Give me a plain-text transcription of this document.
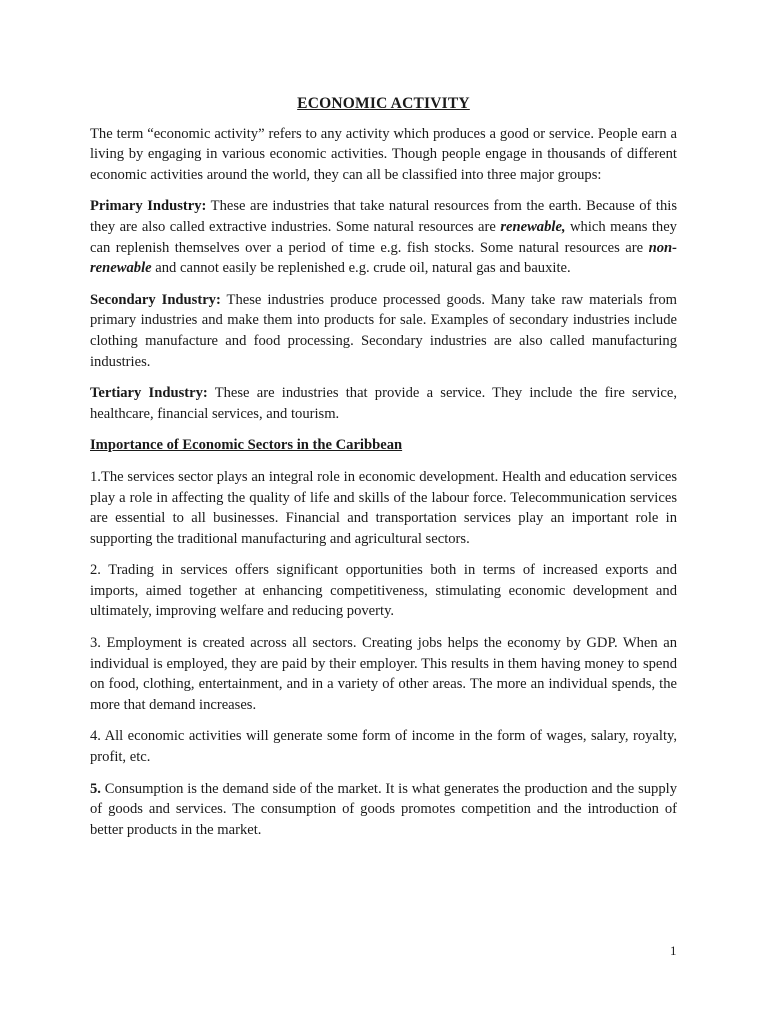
ECONOMIC ACTIVITY

The term “economic activity” refers to any activity which produces a good or service. People earn a living by engaging in various economic activities. Though people engage in thousands of different economic activities around the world, they can all be classified into three major groups:

Primary Industry: These are industries that take natural resources from the earth. Because of this they are also called extractive industries. Some natural resources are renewable, which means they can replenish themselves over a period of time e.g. fish stocks. Some natural resources are non-renewable and cannot easily be replenished e.g. crude oil, natural gas and bauxite.

Secondary Industry: These industries produce processed goods. Many take raw materials from primary industries and make them into products for sale. Examples of secondary industries include clothing manufacture and food processing. Secondary industries are also called manufacturing industries.

Tertiary Industry: These are industries that provide a service. They include the fire service, healthcare, financial services, and tourism.

Importance of Economic Sectors in the Caribbean

1.The services sector plays an integral role in economic development. Health and education services play a role in affecting the quality of life and skills of the labour force. Telecommunication services are essential to all businesses. Financial and transportation services play an important role in supporting the traditional manufacturing and agricultural sectors.

2. Trading in services offers significant opportunities both in terms of increased exports and imports, aimed together at enhancing competitiveness, stimulating economic development and ultimately, improving welfare and reducing poverty.

3. Employment is created across all sectors. Creating jobs helps the economy by GDP. When an individual is employed, they are paid by their employer. This results in them having money to spend on food, clothing, entertainment, and in a variety of other areas. The more an individual spends, the more that demand increases.

4. All economic activities will generate some form of income in the form of wages, salary, royalty, profit, etc.

5. Consumption is the demand side of the market. It is what generates the production and the supply of goods and services. The consumption of goods promotes competition and the introduction of better products in the market.

1
